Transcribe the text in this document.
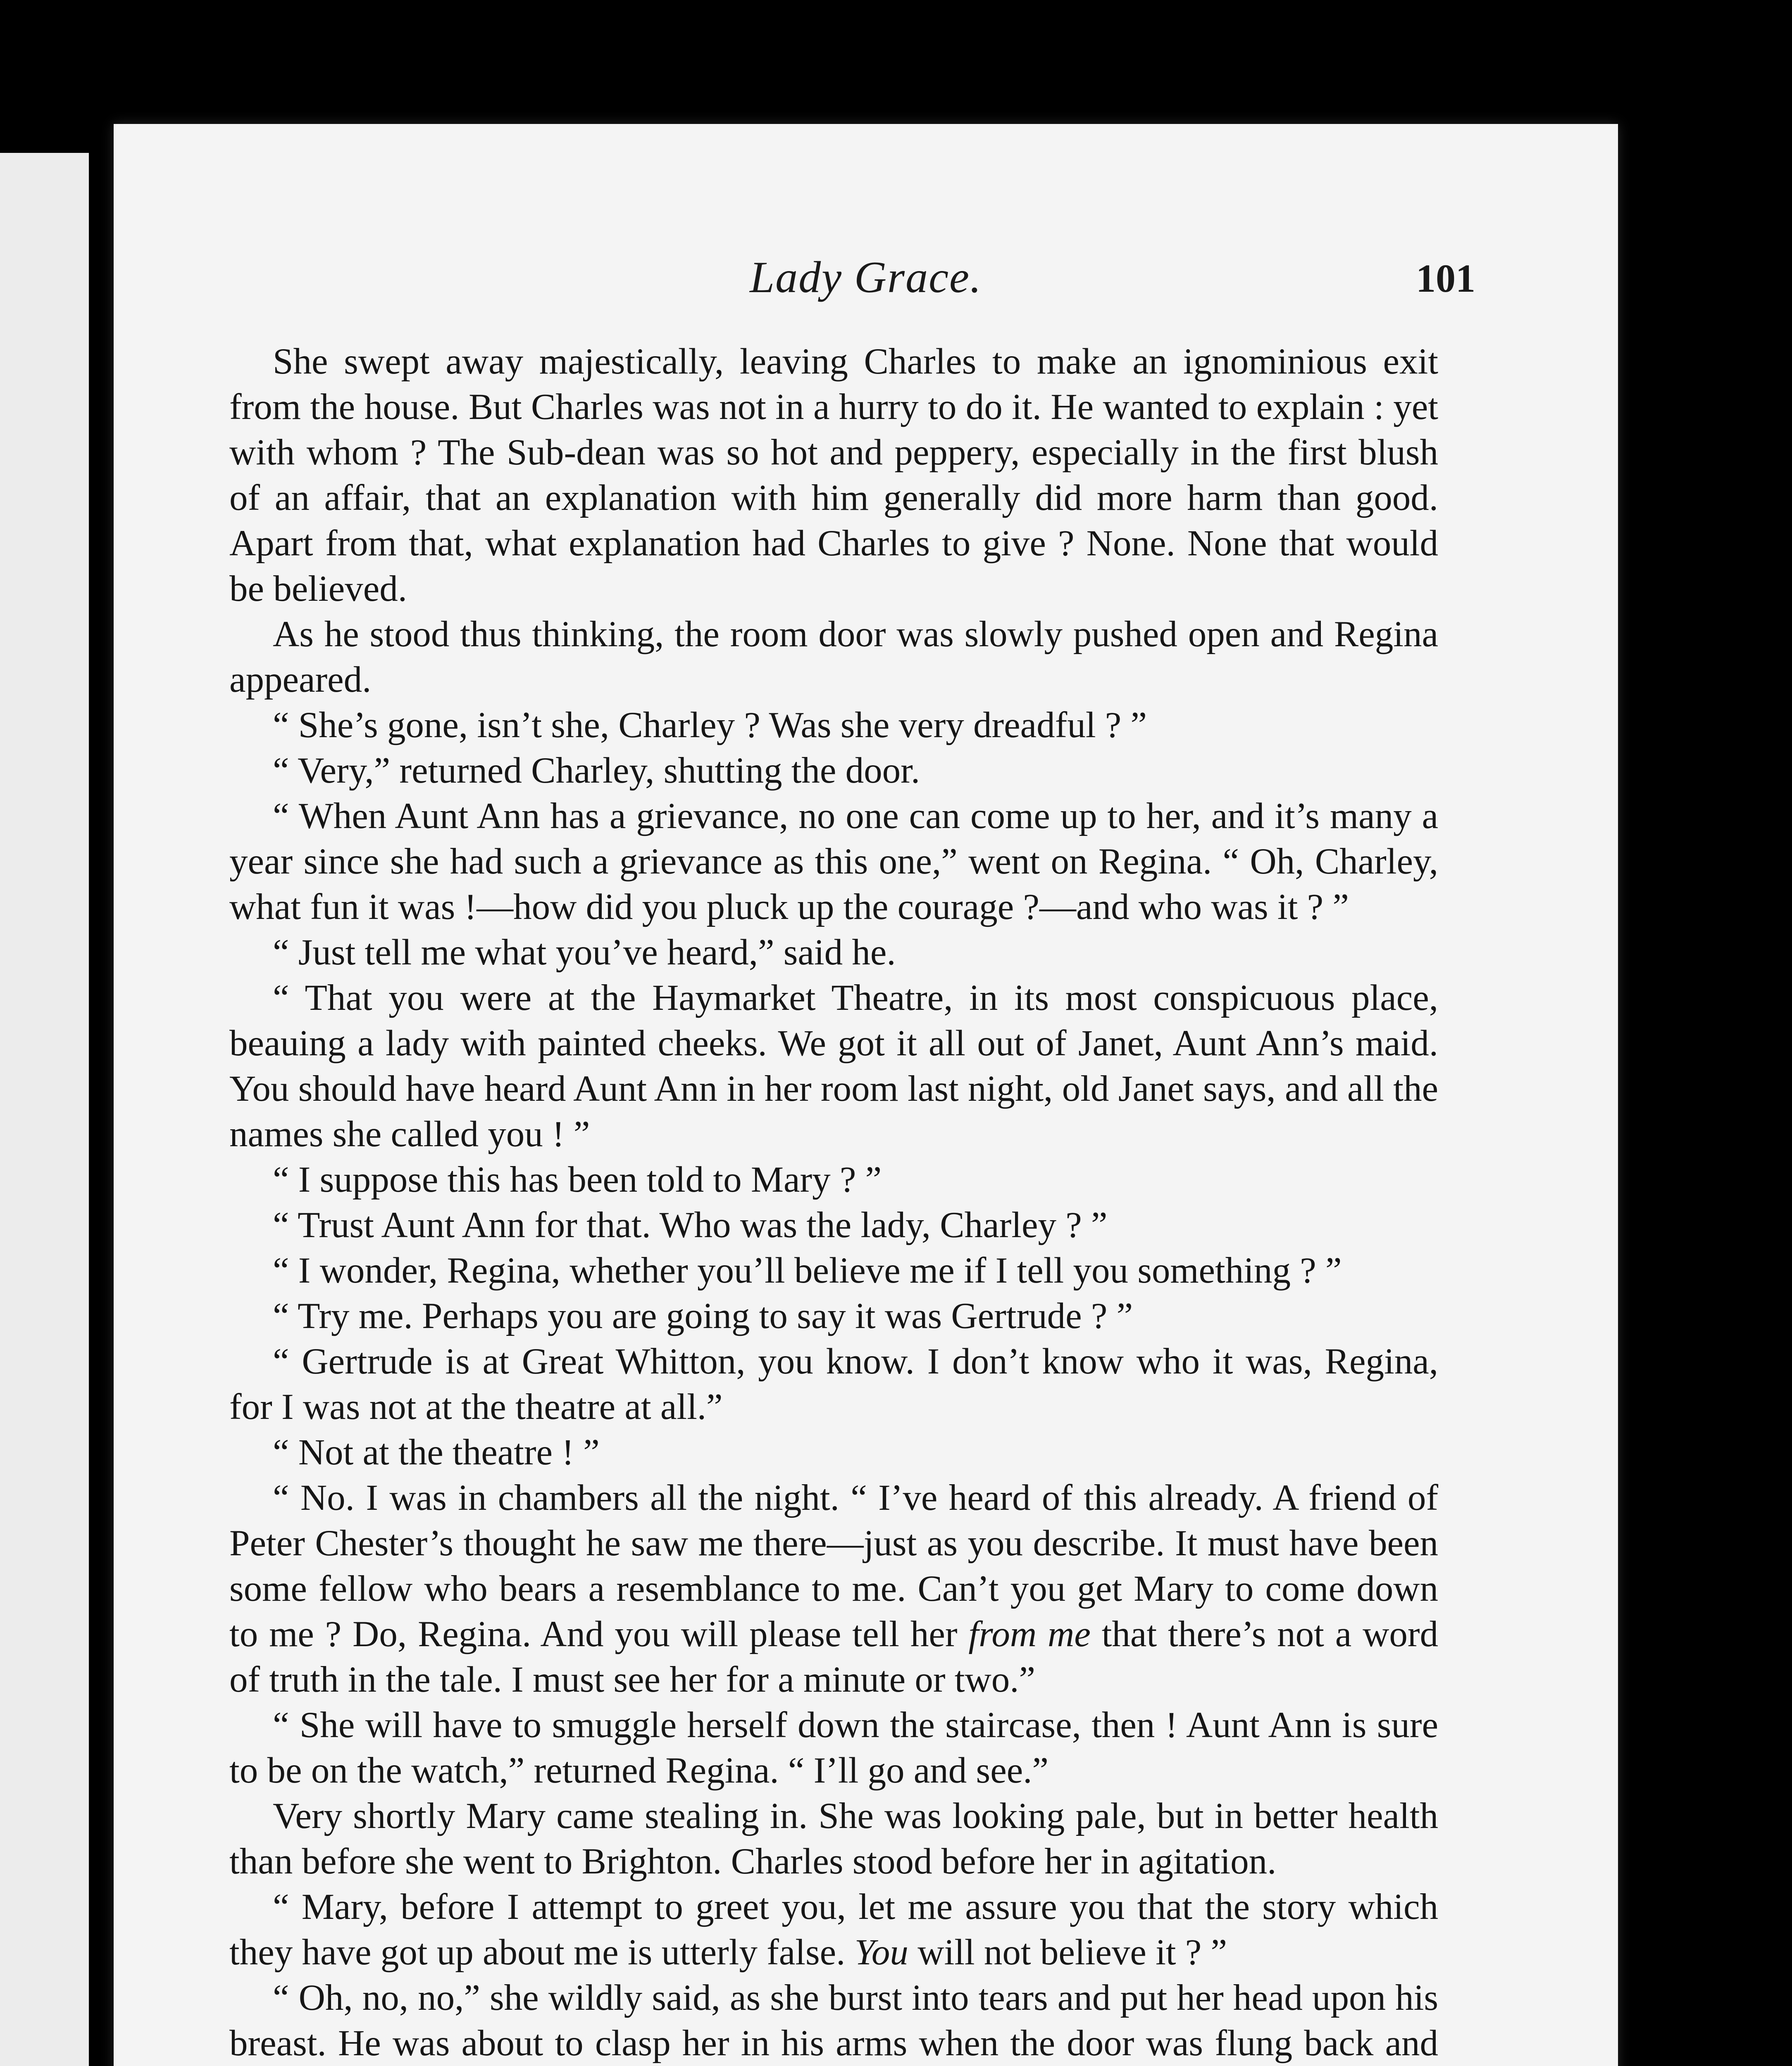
Lady Grace.	101

She swept away majestically, leaving Charles to make an ignominious exit from the house. But Charles was not in a hurry to do it. He wanted to explain : yet with whom ? The Sub-dean was so hot and peppery, especially in the first blush of an affair, that an explanation with him generally did more harm than good. Apart from that, what explanation had Charles to give ? None. None that would be believed.

As he stood thus thinking, the room door was slowly pushed open and Regina appeared.

“ She’s gone, isn’t she, Charley ? Was she very dreadful ? ”

“ Very,” returned Charley, shutting the door.

“ When Aunt Ann has a grievance, no one can come up to her, and it’s many a year since she had such a grievance as this one,” went on Regina. “ Oh, Charley, what fun it was !—how did you pluck up the courage ?—and who was it ? ”

“ Just tell me what you’ve heard,” said he.

“ That you were at the Haymarket Theatre, in its most conspicuous place, beauing a lady with painted cheeks. We got it all out of Janet, Aunt Ann’s maid. You should have heard Aunt Ann in her room last night, old Janet says, and all the names she called you ! ”

“ I suppose this has been told to Mary ? ”

“ Trust Aunt Ann for that. Who was the lady, Charley ? ”

“ I wonder, Regina, whether you’ll believe me if I tell you something ? ”

“ Try me. Perhaps you are going to say it was Gertrude ? ”

“ Gertrude is at Great Whitton, you know. I don’t know who it was, Regina, for I was not at the theatre at all.”

“ Not at the theatre ! ”

“ No. I was in chambers all the night. “ I’ve heard of this already. A friend of Peter Chester’s thought he saw me there—just as you describe. It must have been some fellow who bears a resemblance to me. Can’t you get Mary to come down to me ? Do, Regina. And you will please tell her from me that there’s not a word of truth in the tale. I must see her for a minute or two.”

“ She will have to smuggle herself down the staircase, then ! Aunt Ann is sure to be on the watch,” returned Regina. “ I’ll go and see.”

Very shortly Mary came stealing in. She was looking pale, but in better health than before she went to Brighton. Charles stood before her in agitation.

“ Mary, before I attempt to greet you, let me assure you that the story which they have got up about me is utterly false. You will not believe it ? ”

“ Oh, no, no,” she wildly said, as she burst into tears and put her head upon his breast. He was about to clasp her in his arms when the door was flung back and
